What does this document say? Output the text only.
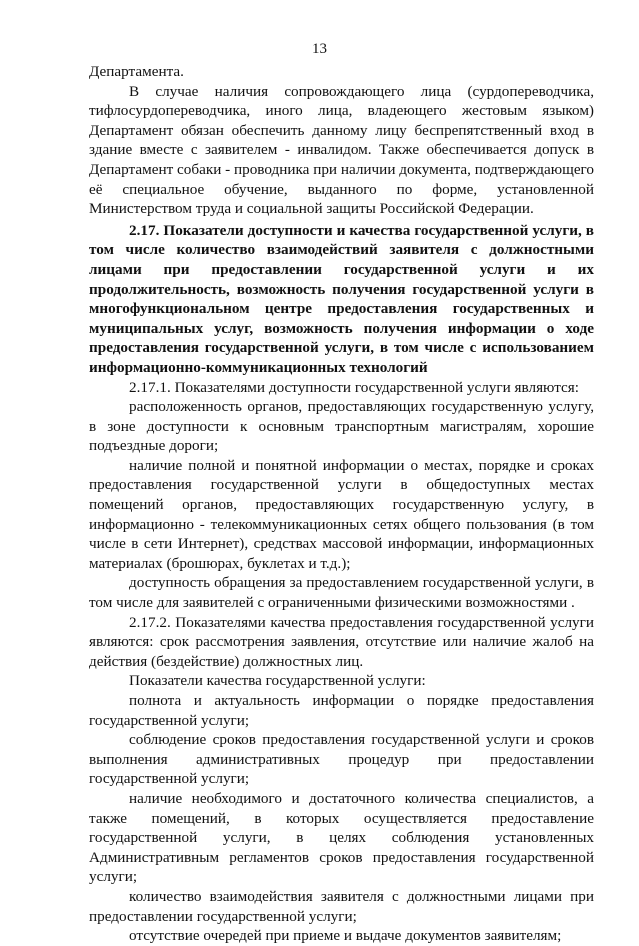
13

Департамента.

В случае наличия сопровождающего лица (сурдопереводчика, тифлосурдопереводчика, иного лица, владеющего жестовым языком) Департамент обязан обеспечить данному лицу беспрепятственный вход в здание вместе с заявителем - инвалидом. Также обеспечивается допуск в Департамент собаки - проводника при наличии документа, подтверждающего её специальное обучение, выданного по форме, установленной Министерством труда и социальной защиты Российской Федерации.

2.17. Показатели доступности и качества государственной услуги, в том числе количество взаимодействий заявителя с должностными лицами при предоставлении государственной услуги и их продолжительность, возможность получения государственной услуги в многофункциональном центре предоставления государственных и муниципальных услуг, возможность получения информации о ходе предоставления государственной услуги, в том числе с использованием информационно-коммуникационных технологий

2.17.1. Показателями доступности государственной услуги являются:

расположенность органов, предоставляющих государственную услугу, в зоне доступности к основным транспортным магистралям, хорошие подъездные дороги;

наличие полной и понятной информации о местах, порядке и сроках предоставления государственной услуги в общедоступных местах помещений органов, предоставляющих государственную услугу, в информационно - телекоммуникационных сетях общего пользования (в том числе в сети Интернет), средствах массовой информации, информационных материалах (брошюрах, буклетах и т.д.);

доступность обращения за предоставлением государственной услуги, в том числе для заявителей с ограниченными физическими возможностями .

2.17.2. Показателями качества предоставления государственной услуги являются: срок рассмотрения заявления, отсутствие или наличие жалоб на действия (бездействие) должностных лиц.

Показатели качества государственной услуги:

полнота и актуальность информации о порядке предоставления государственной услуги;

соблюдение сроков предоставления государственной услуги и сроков выполнения административных процедур при предоставлении государственной услуги;

наличие необходимого и достаточного количества специалистов, а также помещений, в которых осуществляется предоставление государственной услуги, в целях соблюдения установленных Административным регламентов сроков предоставления государственной услуги;

количество взаимодействия заявителя с должностными лицами при предоставлении государственной услуги;

отсутствие очередей при приеме и выдаче документов заявителям;
